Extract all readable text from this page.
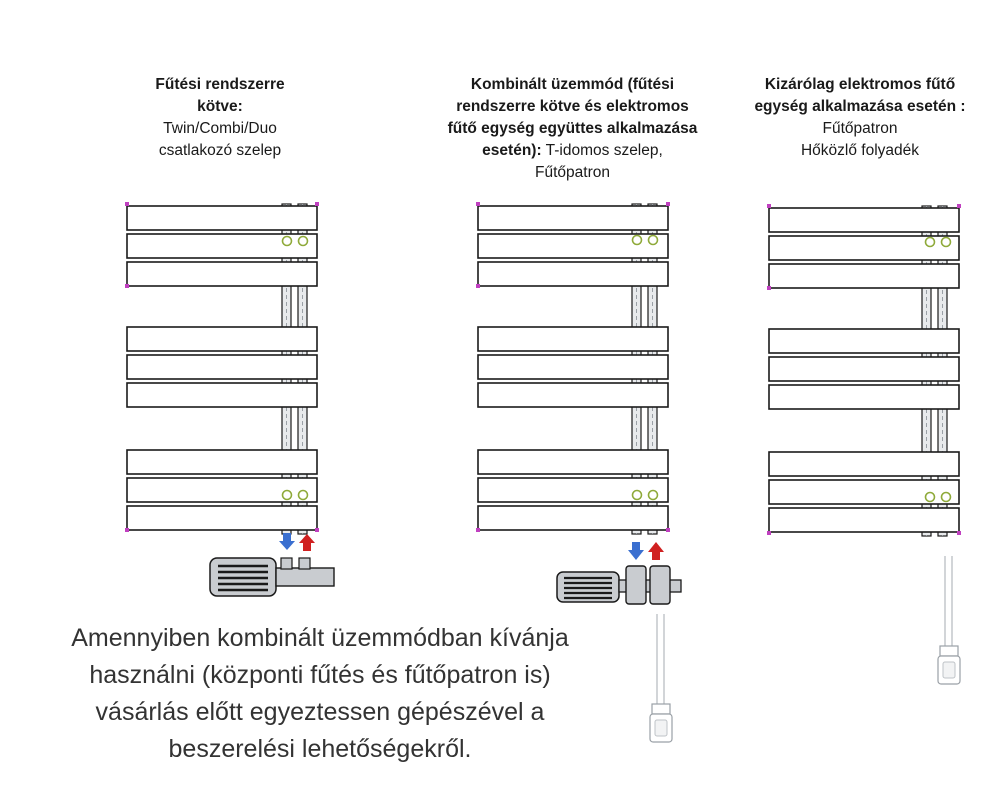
Fűtési rendszerre
kötve:
Twin/Combi/Duo
csatlakozó szelep
Kombinált üzemmód (fűtési
rendszerre kötve és elektromos
fűtő egység együttes alkalmazása
esetén): T-idomos szelep,
Fűtőpatron
Kizárólag elektromos fűtő
egység alkalmazása esetén :
Fűtőpatron
Hőközlő folyadék
Amennyiben kombinált üzemmódban kívánja
használni (központi fűtés és fűtőpatron is)
vásárlás előtt egyeztessen gépészével a
beszerelési lehetőségekről.
